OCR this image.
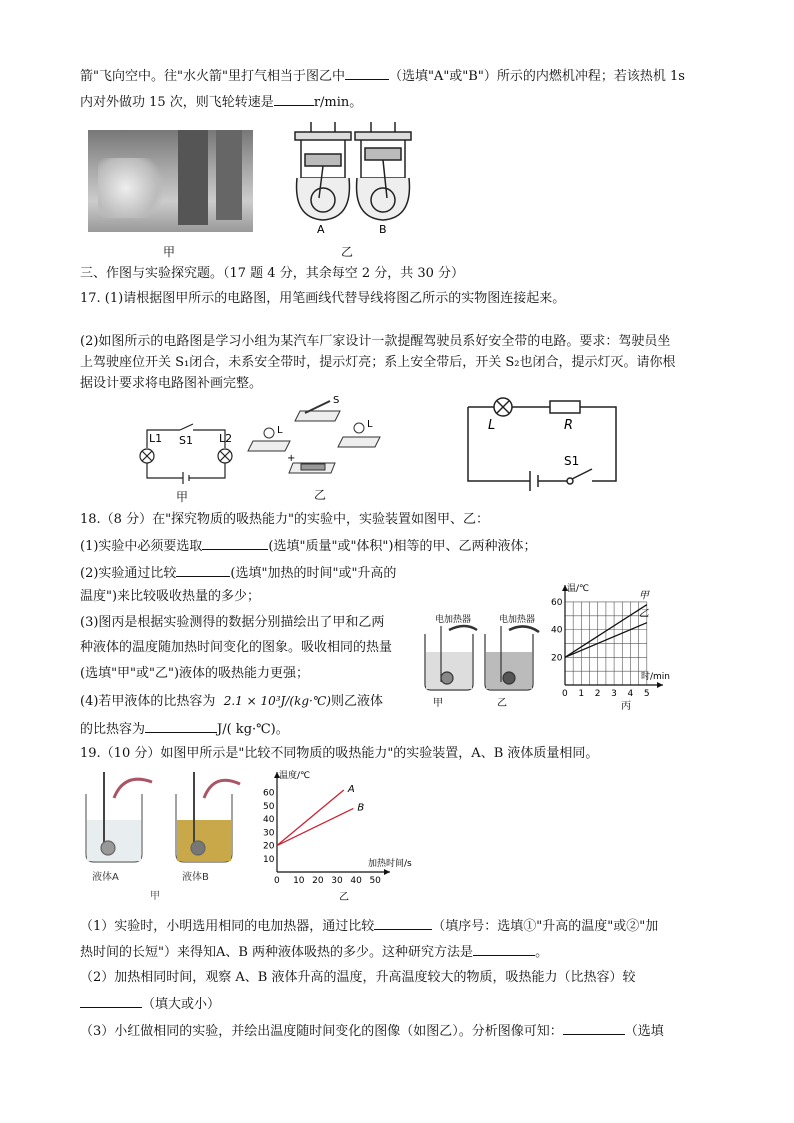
箭"飞向空中。往"水火箭"里打气相当于图乙中	（选填"A"或"B"）所示的内燃机冲程；若该热机 1s
内对外做功 15 次，则飞轮转速是	r/min。
甲
A	B
乙
三、作图与实验探究题。（17 题 4 分，其余每空 2 分，共 30 分）
17. (1)请根据图甲所示的电路图，用笔画线代替导线将图乙所示的实物图连接起来。
(2)如图所示的电路图是学习小组为某汽车厂家设计一款提醒驾驶员系好安全带的电路。要求：驾驶员坐
上驾驶座位开关 S₁闭合，未系安全带时，提示灯亮；系上安全带后，开关 S₂也闭合，提示灯灭。请你根
据设计要求将电路图补画完整。
L1 S1 L2
甲
S
L
L
+
乙
L	R
S1
18.（8 分）在"探究物质的吸热能力"的实验中，实验装置如图甲、乙：
(1)实验中必须要选取	(选填"质量"或"体积")相等的甲、乙两种液体；
(2)实验通过比较	(选填"加热的时间"或"升高的
温度")来比较吸收热量的多少；
(3)图丙是根据实验测得的数据分别描绘出了甲和乙两
种液体的温度随加热时间变化的图象。吸收相同的热量
(选填"甲"或"乙")液体的吸热能力更强；
(4)若甲液体的比热容为 2.1 × 10³J/(kg·℃)则乙液体
的比热容为	J/( kg·℃)。
电加热器	电加热器
甲	乙
0 1 2 3 4 5
20
40
60
温/℃
时/min
甲
乙
丙
19.（10 分）如图甲所示是"比较不同物质的吸热能力"的实验装置，A、B 液体质量相同。
液体A	液体B
甲
0 10 20 30 40 50
10
20
30
40
50
60
温度/℃
加热时间/s
A
B
乙
（1）实验时，小明选用相同的电加热器，通过比较	（填序号：选填①"升高的温度"或②"加
热时间的长短"）来得知A、B 两种液体吸热的多少。这种研究方法是	。
（2）加热相同时间，观察 A、B 液体升高的温度，升高温度较大的物质，吸热能力（比热容）较
（填大或小）
（3）小红做相同的实验，并绘出温度随时间变化的图像（如图乙）。分析图像可知：	（选填
